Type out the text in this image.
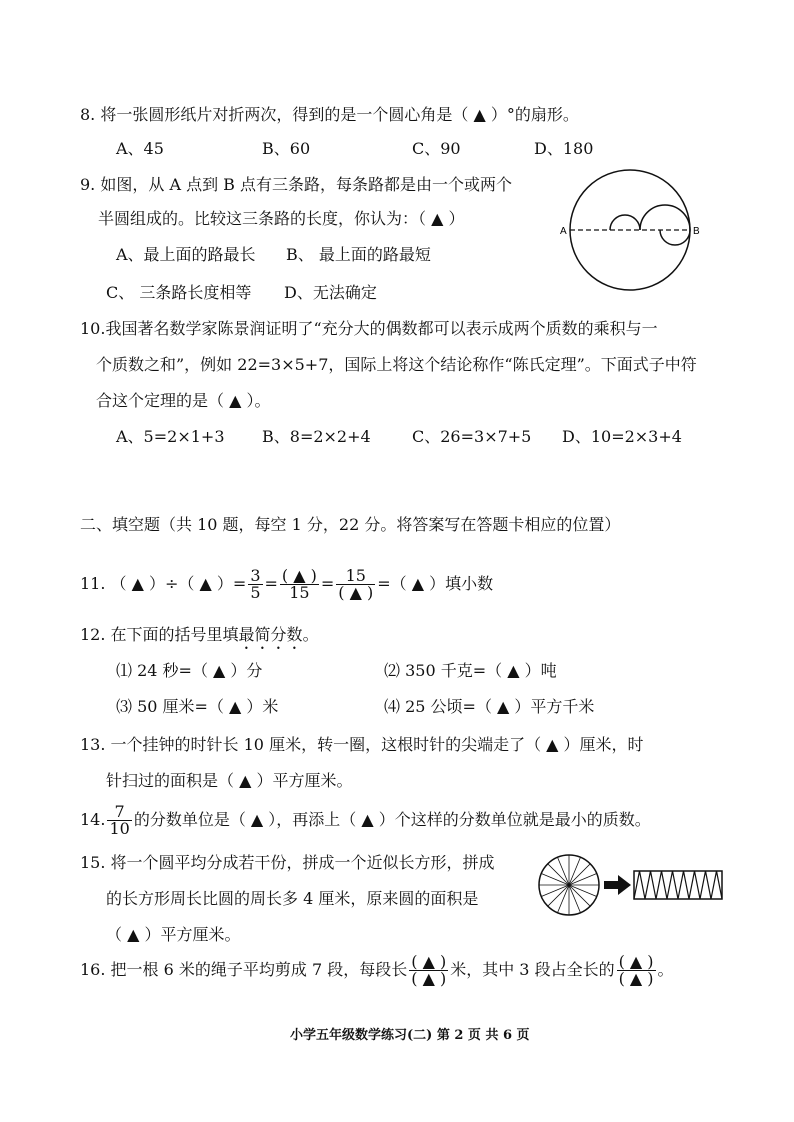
8. 将一张圆形纸片对折两次，得到的是一个圆心角是（ ▲ ）°的扇形。
A、45	B、60	C、90	D、180
9. 如图，从 A 点到 B 点有三条路，每条路都是由一个或两个
半圆组成的。比较这三条路的长度，你认为：（ ▲ ）
A、最上面的路最长 B、 最上面的路最短
C、 三条路长度相等 D、无法确定
A	B
10.我国著名数学家陈景润证明了“充分大的偶数都可以表示成两个质数的乘积与一
个质数之和”，例如 22=3×5+7，国际上将这个结论称作“陈氏定理”。下面式子中符
合这个定理的是（ ▲ ）。
A、5=2×1+3 B、8=2×2+4	C、26=3×7+5 D、10=2×3+4
二、填空题（共 10 题，每空 1 分，22 分。将答案写在答题卡相应的位置）
11. （ ▲ ）÷（ ▲ ）= $\frac{3}{5} = \frac{( ▲ )}{15} = \frac{15}{( ▲ )}$ =（ ▲ ）填小数
12. 在下面的括号里填最简分数。
⑴ 24 秒=（ ▲ ）分	⑵ 350 千克=（ ▲ ）吨
⑶ 50 厘米=（ ▲ ）米	⑷ 25 公顷=（ ▲ ）平方千米
13. 一个挂钟的时针长 10 厘米，转一圈，这根时针的尖端走了（ ▲ ）厘米，时
针扫过的面积是（ ▲ ）平方厘米。
14. $\frac{7}{10}$ 的分数单位是（ ▲ ），再添上（ ▲ ）个这样的分数单位就是最小的质数。
15. 将一个圆平均分成若干份，拼成一个近似长方形，拼成
的长方形周长比圆的周长多 4 厘米，原来圆的面积是
（ ▲ ）平方厘米。
16. 把一根 6 米的绳子平均剪成 7 段，每段长 $\frac{( ▲ )}{( ▲ )}$ 米，其中 3 段占全长的 $\frac{( ▲ )}{( ▲ )}$ 。
小学五年级数学练习(二) 第 2 页 共 6 页
